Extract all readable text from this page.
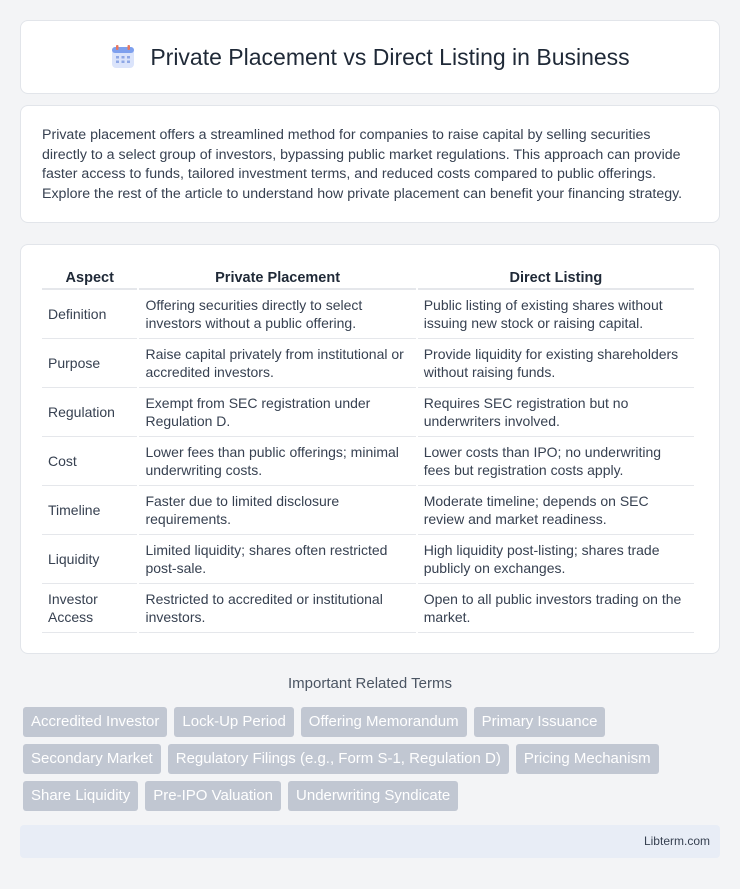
Private Placement vs Direct Listing in Business

Private placement offers a streamlined method for companies to raise capital by selling securities directly to a select group of investors, bypassing public market regulations. This approach can provide faster access to funds, tailored investment terms, and reduced costs compared to public offerings. Explore the rest of the article to understand how private placement can benefit your financing strategy.

Aspect	Private Placement	Direct Listing
Definition	Offering securities directly to select investors without a public offering.	Public listing of existing shares without issuing new stock or raising capital.
Purpose	Raise capital privately from institutional or accredited investors.	Provide liquidity for existing shareholders without raising funds.
Regulation	Exempt from SEC registration under Regulation D.	Requires SEC registration but no underwriters involved.
Cost	Lower fees than public offerings; minimal underwriting costs.	Lower costs than IPO; no underwriting fees but registration costs apply.
Timeline	Faster due to limited disclosure requirements.	Moderate timeline; depends on SEC review and market readiness.
Liquidity	Limited liquidity; shares often restricted post-sale.	High liquidity post-listing; shares trade publicly on exchanges.
Investor Access	Restricted to accredited or institutional investors.	Open to all public investors trading on the market.
Important Related Terms
Accredited Investor	Lock-Up Period	Offering Memorandum	Primary Issuance
Secondary Market	Regulatory Filings (e.g., Form S-1, Regulation D)	Pricing Mechanism
Share Liquidity	Pre-IPO Valuation	Underwriting Syndicate
Libterm.com
